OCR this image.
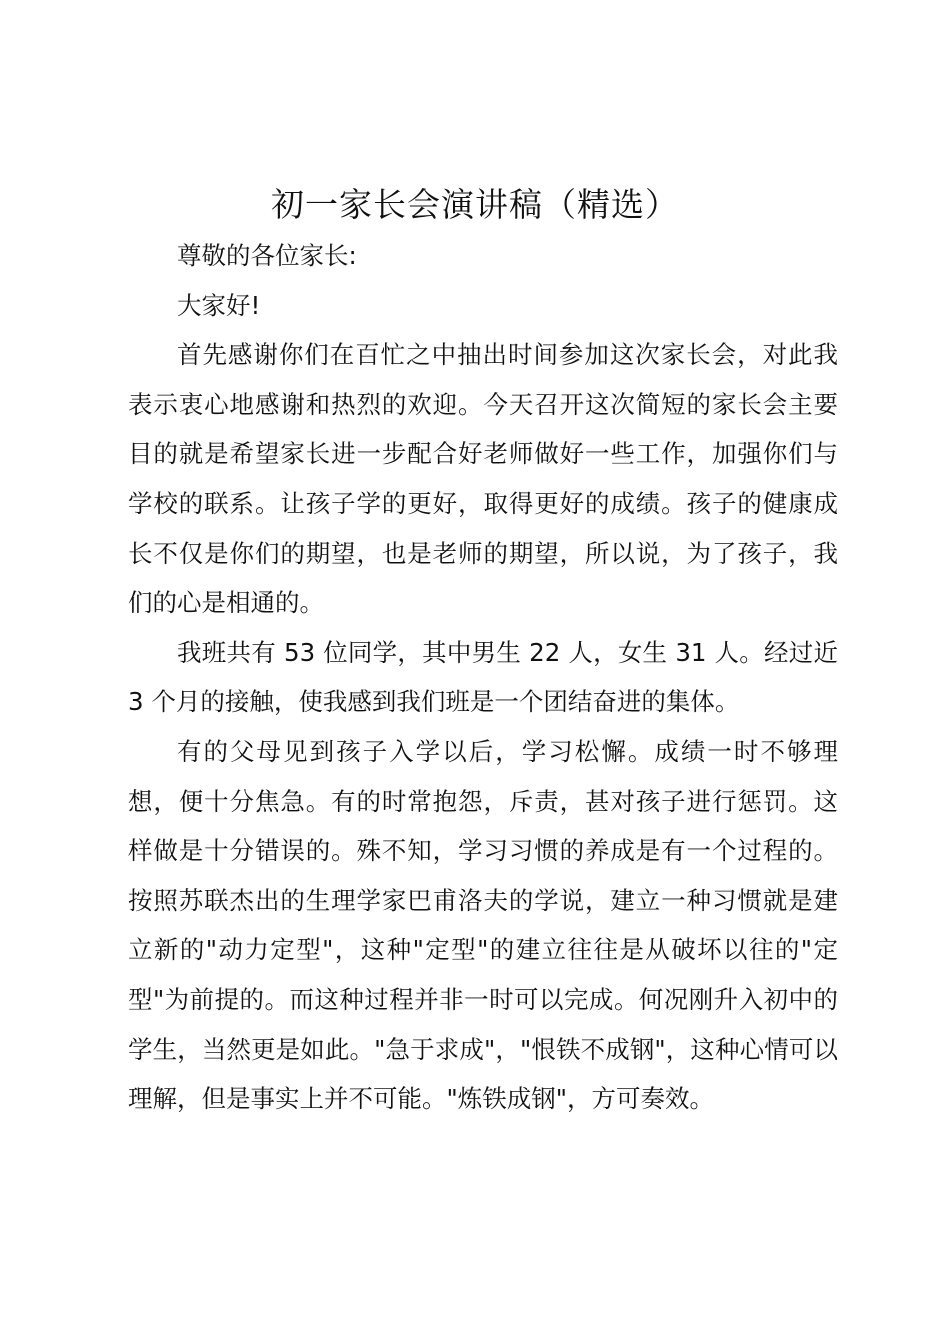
初一家长会演讲稿（精选）

尊敬的各位家长:

大家好!

首先感谢你们在百忙之中抽出时间参加这次家长会，对此我表示衷心地感谢和热烈的欢迎。今天召开这次简短的家长会主要目的就是希望家长进一步配合好老师做好一些工作，加强你们与学校的联系。让孩子学的更好，取得更好的成绩。孩子的健康成长不仅是你们的期望，也是老师的期望，所以说，为了孩子，我们的心是相通的。

我班共有 53 位同学，其中男生 22 人，女生 31 人。经过近 3 个月的接触，使我感到我们班是一个团结奋进的集体。

有的父母见到孩子入学以后，学习松懈。成绩一时不够理想，便十分焦急。有的时常抱怨，斥责，甚对孩子进行惩罚。这样做是十分错误的。殊不知，学习习惯的养成是有一个过程的。按照苏联杰出的生理学家巴甫洛夫的学说，建立一种习惯就是建立新的"动力定型"，这种"定型"的建立往往是从破坏以往的"定型"为前提的。而这种过程并非一时可以完成。何况刚升入初中的学生，当然更是如此。"急于求成"，"恨铁不成钢"，这种心情可以理解，但是事实上并不可能。"炼铁成钢"，方可奏效。
